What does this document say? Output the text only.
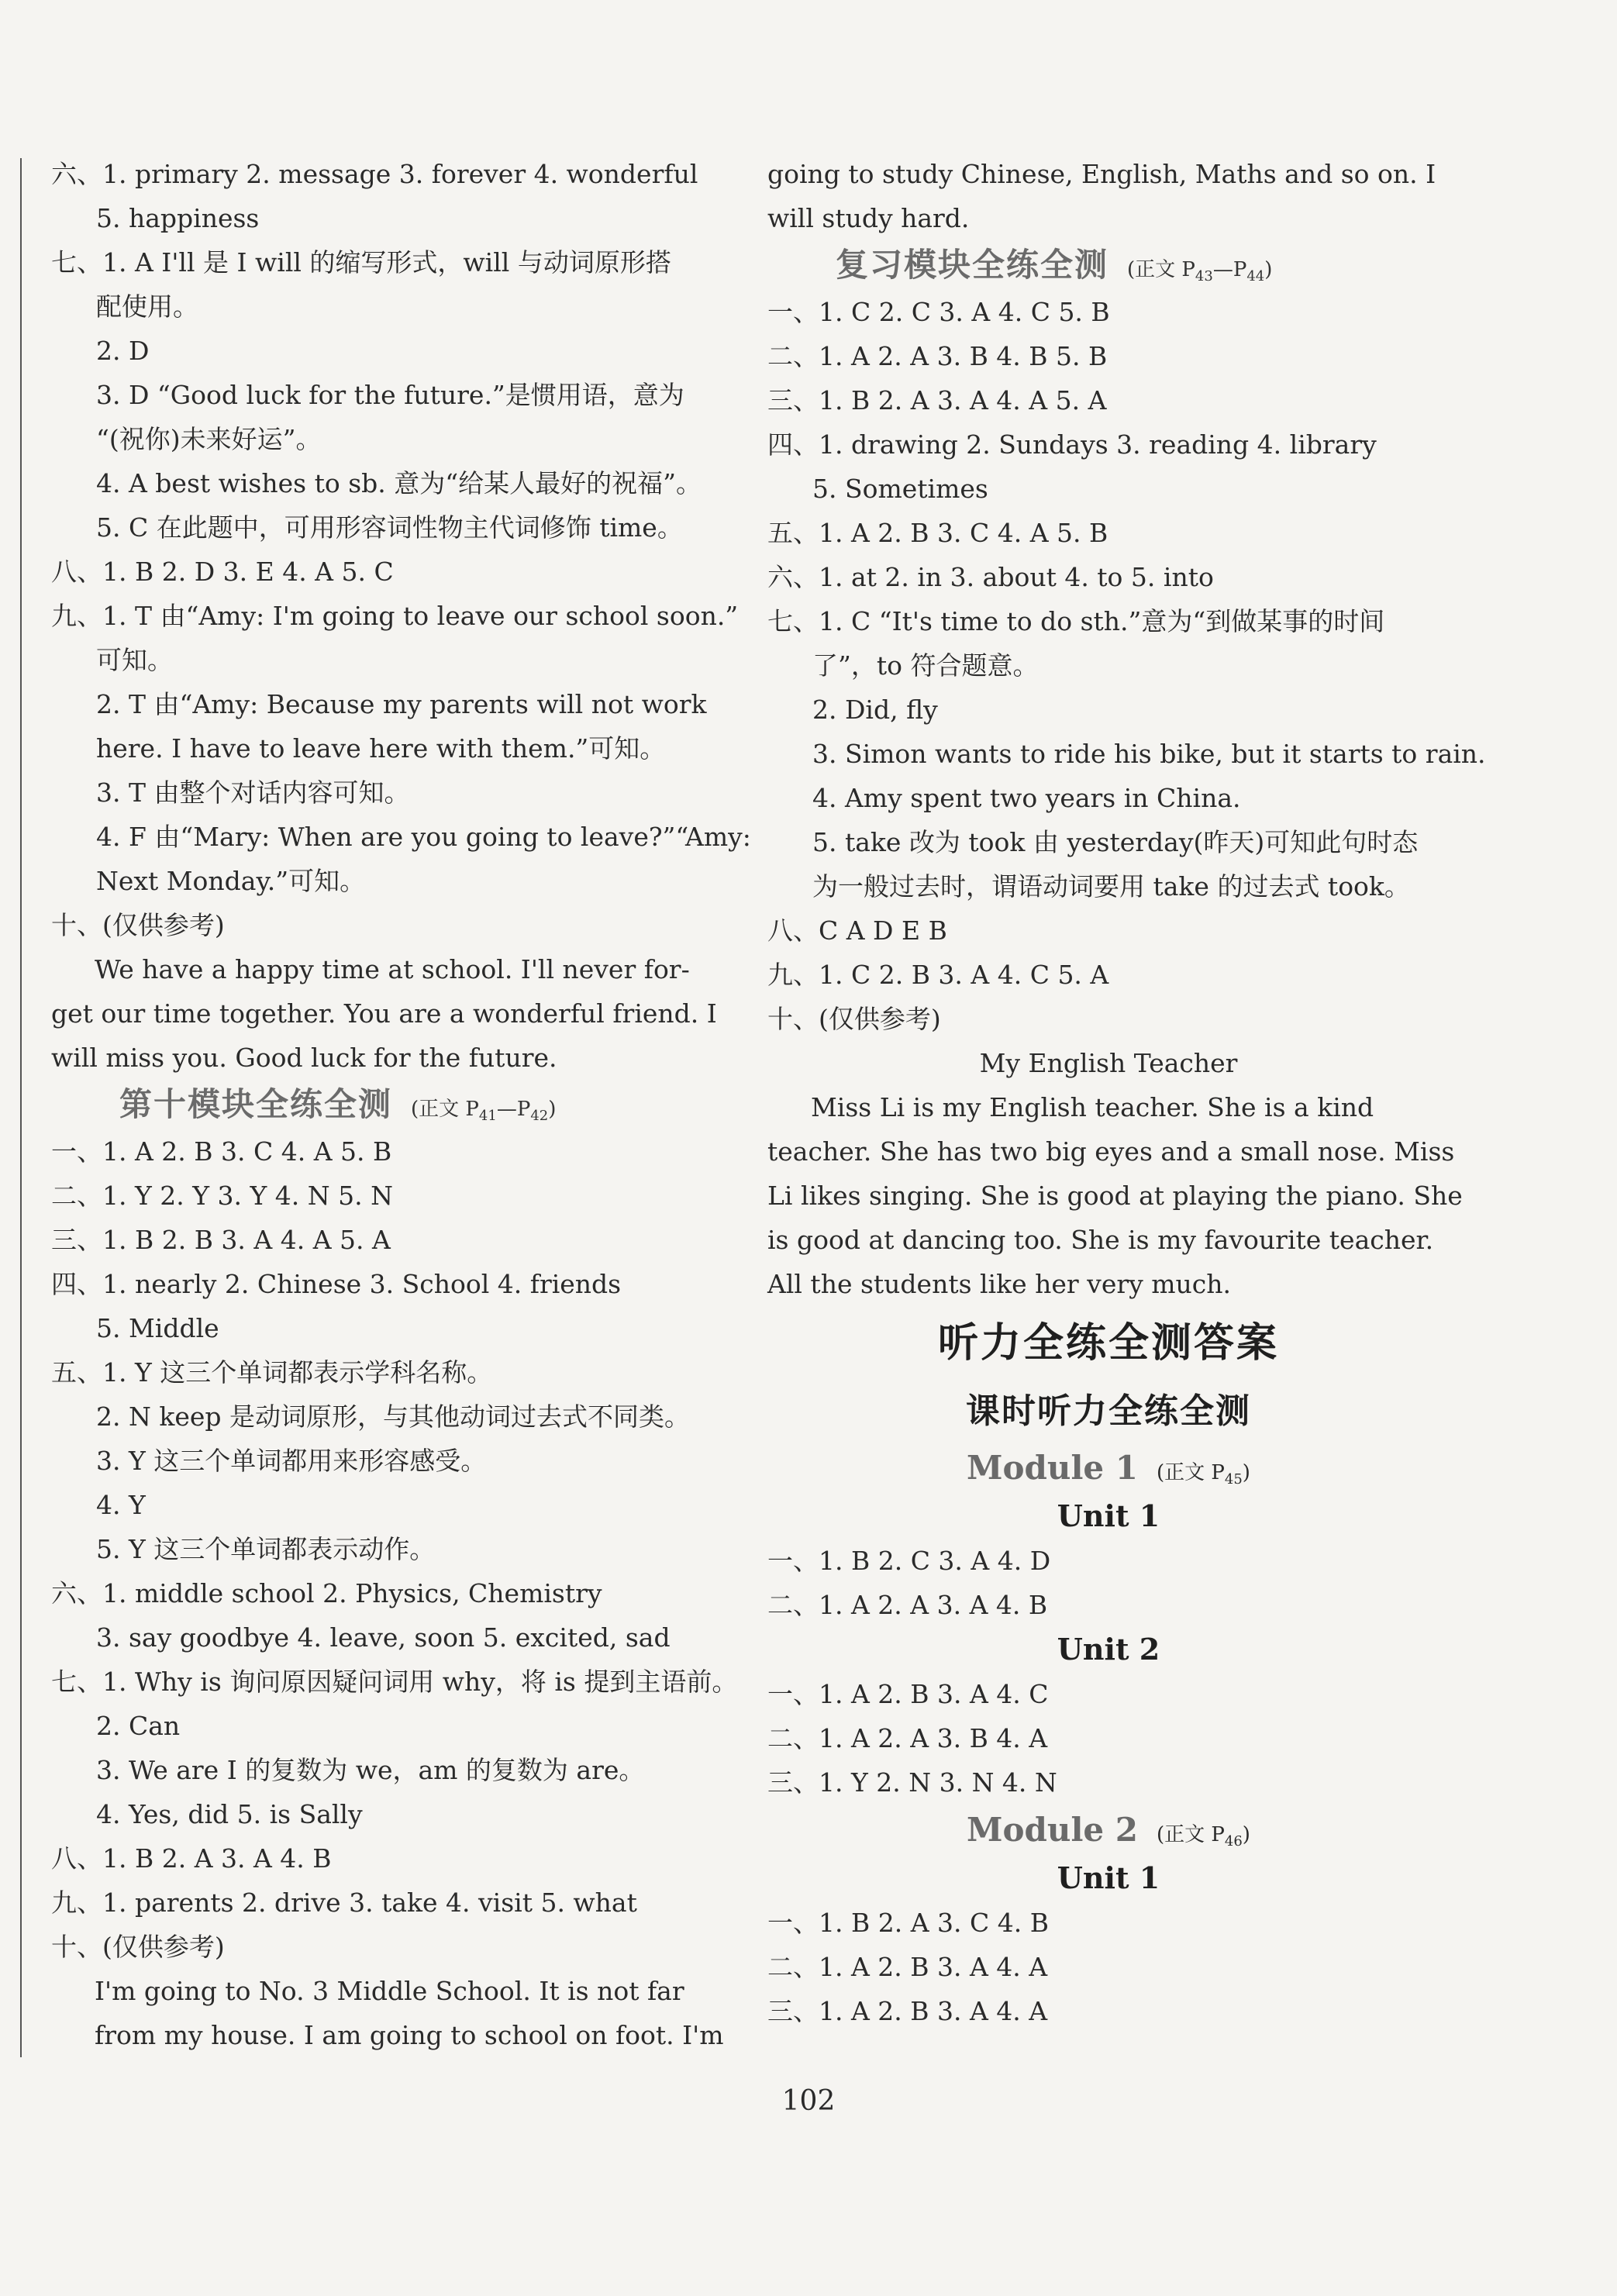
六、1. primary 2. message 3. forever 4. wonderful
5. happiness
七、1. A I'll 是 I will 的缩写形式，will 与动词原形搭
配使用。
2. D
3. D “Good luck for the future.”是惯用语，意为
“(祝你)未来好运”。
4. A best wishes to sb. 意为“给某人最好的祝福”。
5. C 在此题中，可用形容词性物主代词修饰 time。
八、1. B 2. D 3. E 4. A 5. C
九、1. T 由“Amy: I'm going to leave our school soon.”
可知。
2. T 由“Amy: Because my parents will not work
here. I have to leave here with them.”可知。
3. T 由整个对话内容可知。
4. F 由“Mary: When are you going to leave?”“Amy:
Next Monday.”可知。
十、(仅供参考)
We have a happy time at school. I'll never for-
get our time together. You are a wonderful friend. I
will miss you. Good luck for the future.
第十模块全练全测 (正文 $P_{41}—P_{42}$)
一、1. A 2. B 3. C 4. A 5. B
二、1. Y 2. Y 3. Y 4. N 5. N
三、1. B 2. B 3. A 4. A 5. A
四、1. nearly 2. Chinese 3. School 4. friends
5. Middle
五、1. Y 这三个单词都表示学科名称。
2. N keep 是动词原形，与其他动词过去式不同类。
3. Y 这三个单词都用来形容感受。
4. Y
5. Y 这三个单词都表示动作。
六、1. middle school 2. Physics, Chemistry
3. say goodbye 4. leave, soon 5. excited, sad
七、1. Why is 询问原因疑问词用 why，将 is 提到主语前。
2. Can
3. We are I 的复数为 we，am 的复数为 are。
4. Yes, did 5. is Sally
八、1. B 2. A 3. A 4. B
九、1. parents 2. drive 3. take 4. visit 5. what
十、(仅供参考)
I'm going to No. 3 Middle School. It is not far
from my house. I am going to school on foot. I'm
going to study Chinese, English, Maths and so on. I
will study hard.
复习模块全练全测 (正文 $P_{43}—P_{44}$)
一、1. C 2. C 3. A 4. C 5. B
二、1. A 2. A 3. B 4. B 5. B
三、1. B 2. A 3. A 4. A 5. A
四、1. drawing 2. Sundays 3. reading 4. library
5. Sometimes
五、1. A 2. B 3. C 4. A 5. B
六、1. at 2. in 3. about 4. to 5. into
七、1. C “It's time to do sth.”意为“到做某事的时间
了”，to 符合题意。
2. Did, fly
3. Simon wants to ride his bike, but it starts to rain.
4. Amy spent two years in China.
5. take 改为 took 由 yesterday(昨天)可知此句时态
为一般过去时，谓语动词要用 take 的过去式 took。
八、C A D E B
九、1. C 2. B 3. A 4. C 5. A
十、(仅供参考)
My English Teacher
Miss Li is my English teacher. She is a kind
teacher. She has two big eyes and a small nose. Miss
Li likes singing. She is good at playing the piano. She
is good at dancing too. She is my favourite teacher.
All the students like her very much.
听力全练全测答案
课时听力全练全测
Module 1 (正文 $P_{45}$)
Unit 1
一、1. B 2. C 3. A 4. D
二、1. A 2. A 3. A 4. B
Unit 2
一、1. A 2. B 3. A 4. C
二、1. A 2. A 3. B 4. A
三、1. Y 2. N 3. N 4. N
Module 2 (正文 $P_{46}$)
Unit 1
一、1. B 2. A 3. C 4. B
二、1. A 2. B 3. A 4. A
三、1. A 2. B 3. A 4. A
102
